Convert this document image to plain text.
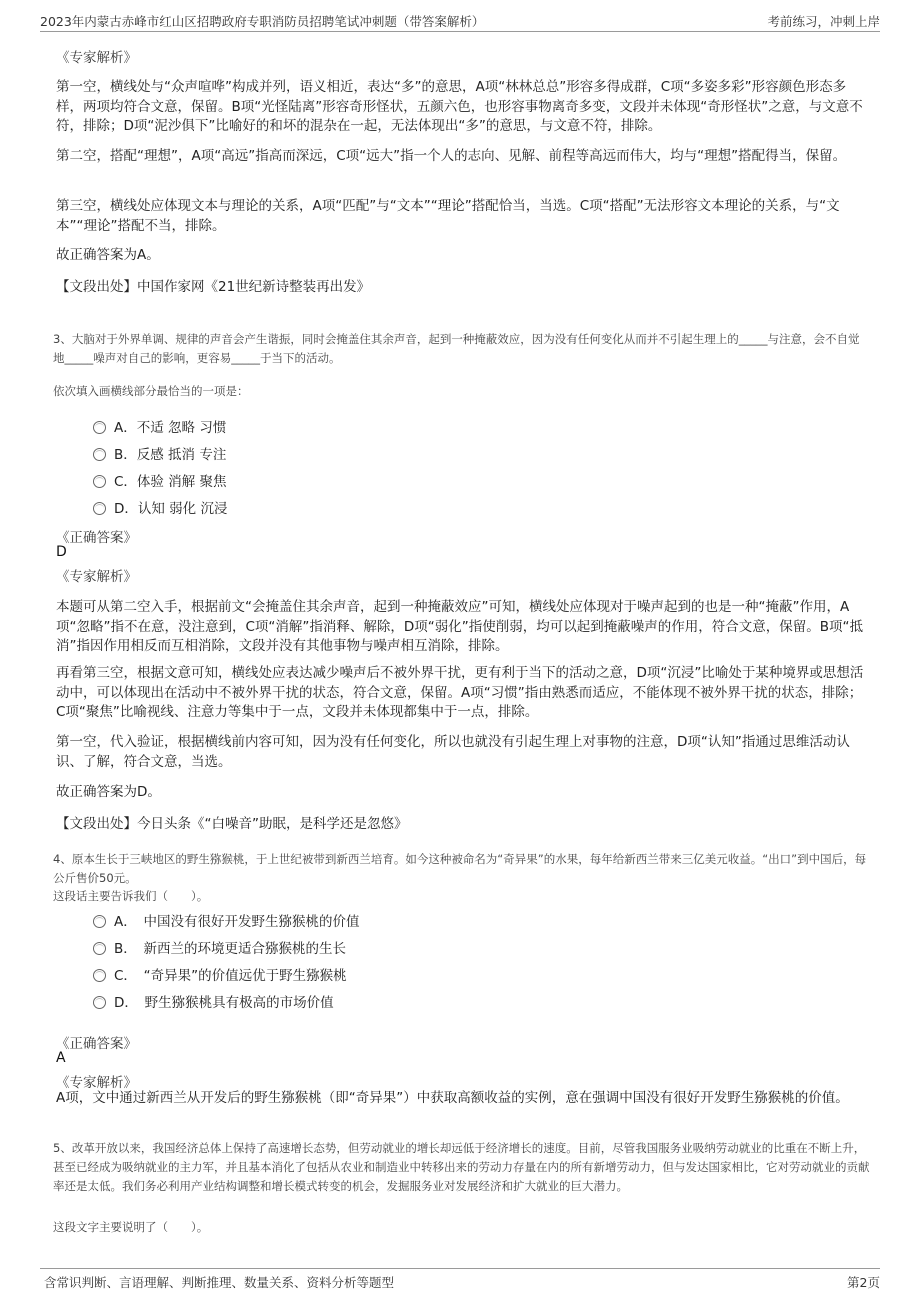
2023年内蒙古赤峰市红山区招聘政府专职消防员招聘笔试冲刺题（带答案解析）	考前练习，冲刺上岸
《专家解析》
第一空，横线处与“众声喧哗”构成并列，语义相近，表达“多”的意思，A项“林林总总”形容多得成群，C项“多姿多彩”形容颜色形态多样，两项均符合文意，保留。B项“光怪陆离”形容奇形怪状，五颜六色，也形容事物离奇多变，文段并未体现“奇形怪状”之意，与文意不符，排除；D项“泥沙俱下”比喻好的和坏的混杂在一起，无法体现出“多”的意思，与文意不符，排除。
第二空，搭配“理想”，A项“高远”指高而深远，C项“远大”指一个人的志向、见解、前程等高远而伟大，均与“理想”搭配得当，保留。
第三空，横线处应体现文本与理论的关系，A项“匹配”与“文本”“理论”搭配恰当，当选。C项“搭配”无法形容文本理论的关系，与“文本”“理论”搭配不当，排除。
故正确答案为A。
【文段出处】中国作家网《21世纪新诗整装再出发》
3、大脑对于外界单调、规律的声音会产生谐振，同时会掩盖住其余声音，起到一种掩蔽效应，因为没有任何变化从而并不引起生理上的_____与注意，会不自觉地_____噪声对自己的影响，更容易_____于当下的活动。
依次填入画横线部分最恰当的一项是：
A．不适 忽略 习惯
B．反感 抵消 专注
C．体验 消解 聚焦
D．认知 弱化 沉浸
《正确答案》
D
《专家解析》
本题可从第二空入手，根据前文“会掩盖住其余声音，起到一种掩蔽效应”可知，横线处应体现对于噪声起到的也是一种“掩蔽”作用，A项“忽略”指不在意，没注意到，C项“消解”指消释、解除，D项“弱化”指使削弱，均可以起到掩蔽噪声的作用，符合文意，保留。B项“抵消”指因作用相反而互相消除，文段并没有其他事物与噪声相互消除，排除。
再看第三空，根据文意可知，横线处应表达减少噪声后不被外界干扰，更有利于当下的活动之意，D项“沉浸”比喻处于某种境界或思想活动中，可以体现出在活动中不被外界干扰的状态，符合文意，保留。A项“习惯”指由熟悉而适应，不能体现不被外界干扰的状态，排除；C项“聚焦”比喻视线、注意力等集中于一点，文段并未体现都集中于一点，排除。
第一空，代入验证，根据横线前内容可知，因为没有任何变化，所以也就没有引起生理上对事物的注意，D项“认知”指通过思维活动认识、了解，符合文意，当选。
故正确答案为D。
【文段出处】今日头条《“白噪音”助眠，是科学还是忽悠》
4、原本生长于三峡地区的野生猕猴桃，于上世纪被带到新西兰培育。如今这种被命名为“奇异果”的水果，每年给新西兰带来三亿美元收益。“出口”到中国后，每公斤售价50元。
这段话主要告诉我们（　　）。
A．　中国没有很好开发野生猕猴桃的价值
B．　新西兰的环境更适合猕猴桃的生长
C．　“奇异果”的价值远优于野生猕猴桃
D．　野生猕猴桃具有极高的市场价值
《正确答案》
A
《专家解析》
A项，文中通过新西兰从开发后的野生猕猴桃（即“奇异果”）中获取高额收益的实例，意在强调中国没有很好开发野生猕猴桃的价值。
5、改革开放以来，我国经济总体上保持了高速增长态势，但劳动就业的增长却远低于经济增长的速度。目前，尽管我国服务业吸纳劳动就业的比重在不断上升，甚至已经成为吸纳就业的主力军，并且基本消化了包括从农业和制造业中转移出来的劳动力存量在内的所有新增劳动力，但与发达国家相比，它对劳动就业的贡献率还是太低。我们务必利用产业结构调整和增长模式转变的机会，发掘服务业对发展经济和扩大就业的巨大潜力。
这段文字主要说明了（　　）。
含常识判断、言语理解、判断推理、数量关系、资料分析等题型	第2页
